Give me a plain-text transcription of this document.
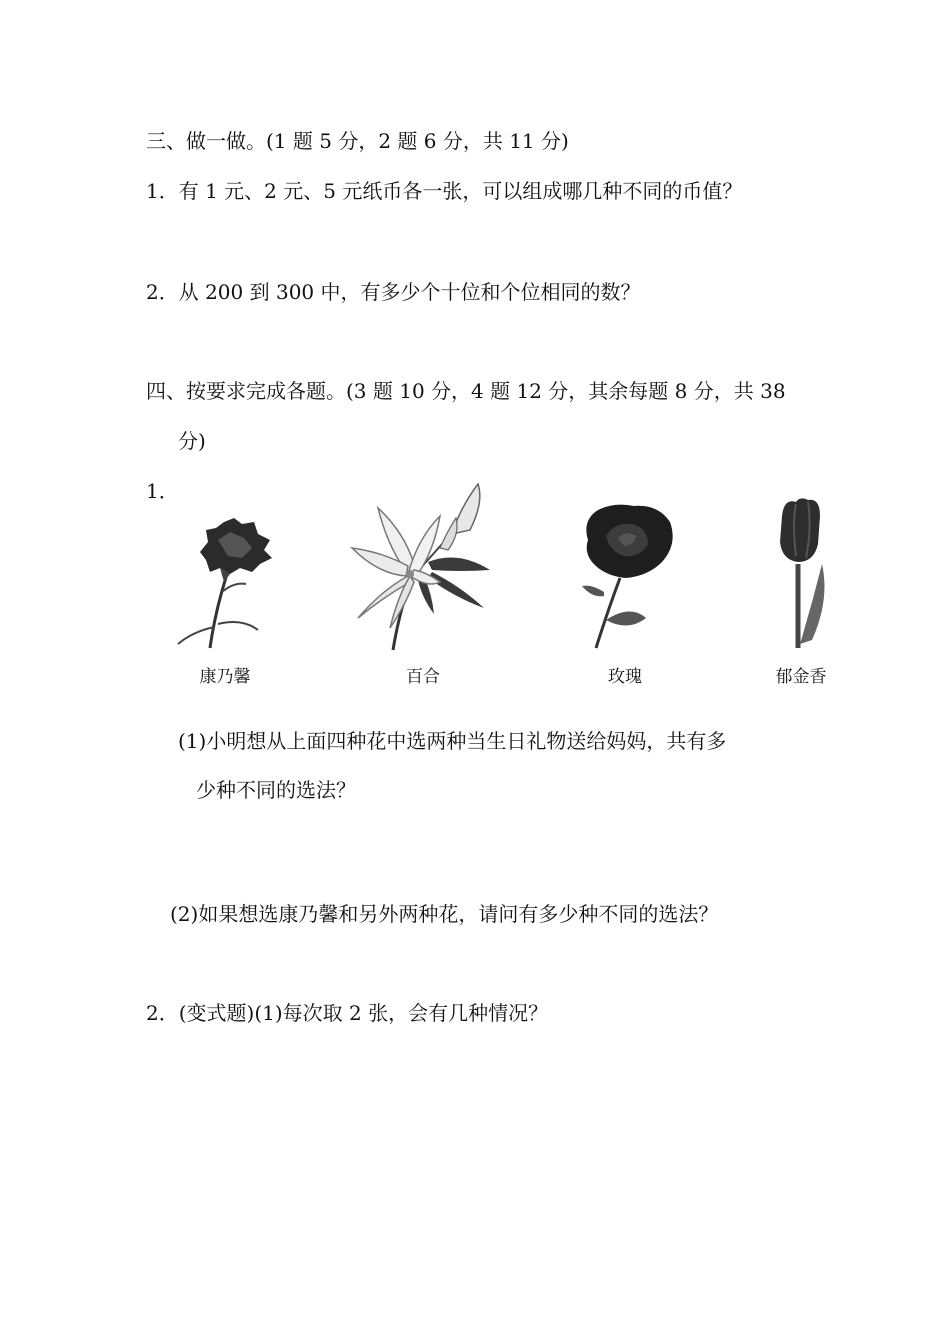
三、做一做。(1 题 5 分，2 题 6 分，共 11 分)
1．有 1 元、2 元、5 元纸币各一张，可以组成哪几种不同的币值？
2．从 200 到 300 中，有多少个十位和个位相同的数？
四、按要求完成各题。(3 题 10 分，4 题 12 分，其余每题 8 分，共 38
分)
1．
康乃馨	百合	玫瑰	郁金香
(1)小明想从上面四种花中选两种当生日礼物送给妈妈，共有多
少种不同的选法？
(2)如果想选康乃馨和另外两种花，请问有多少种不同的选法？
2．(变式题)(1)每次取 2 张，会有几种情况？
